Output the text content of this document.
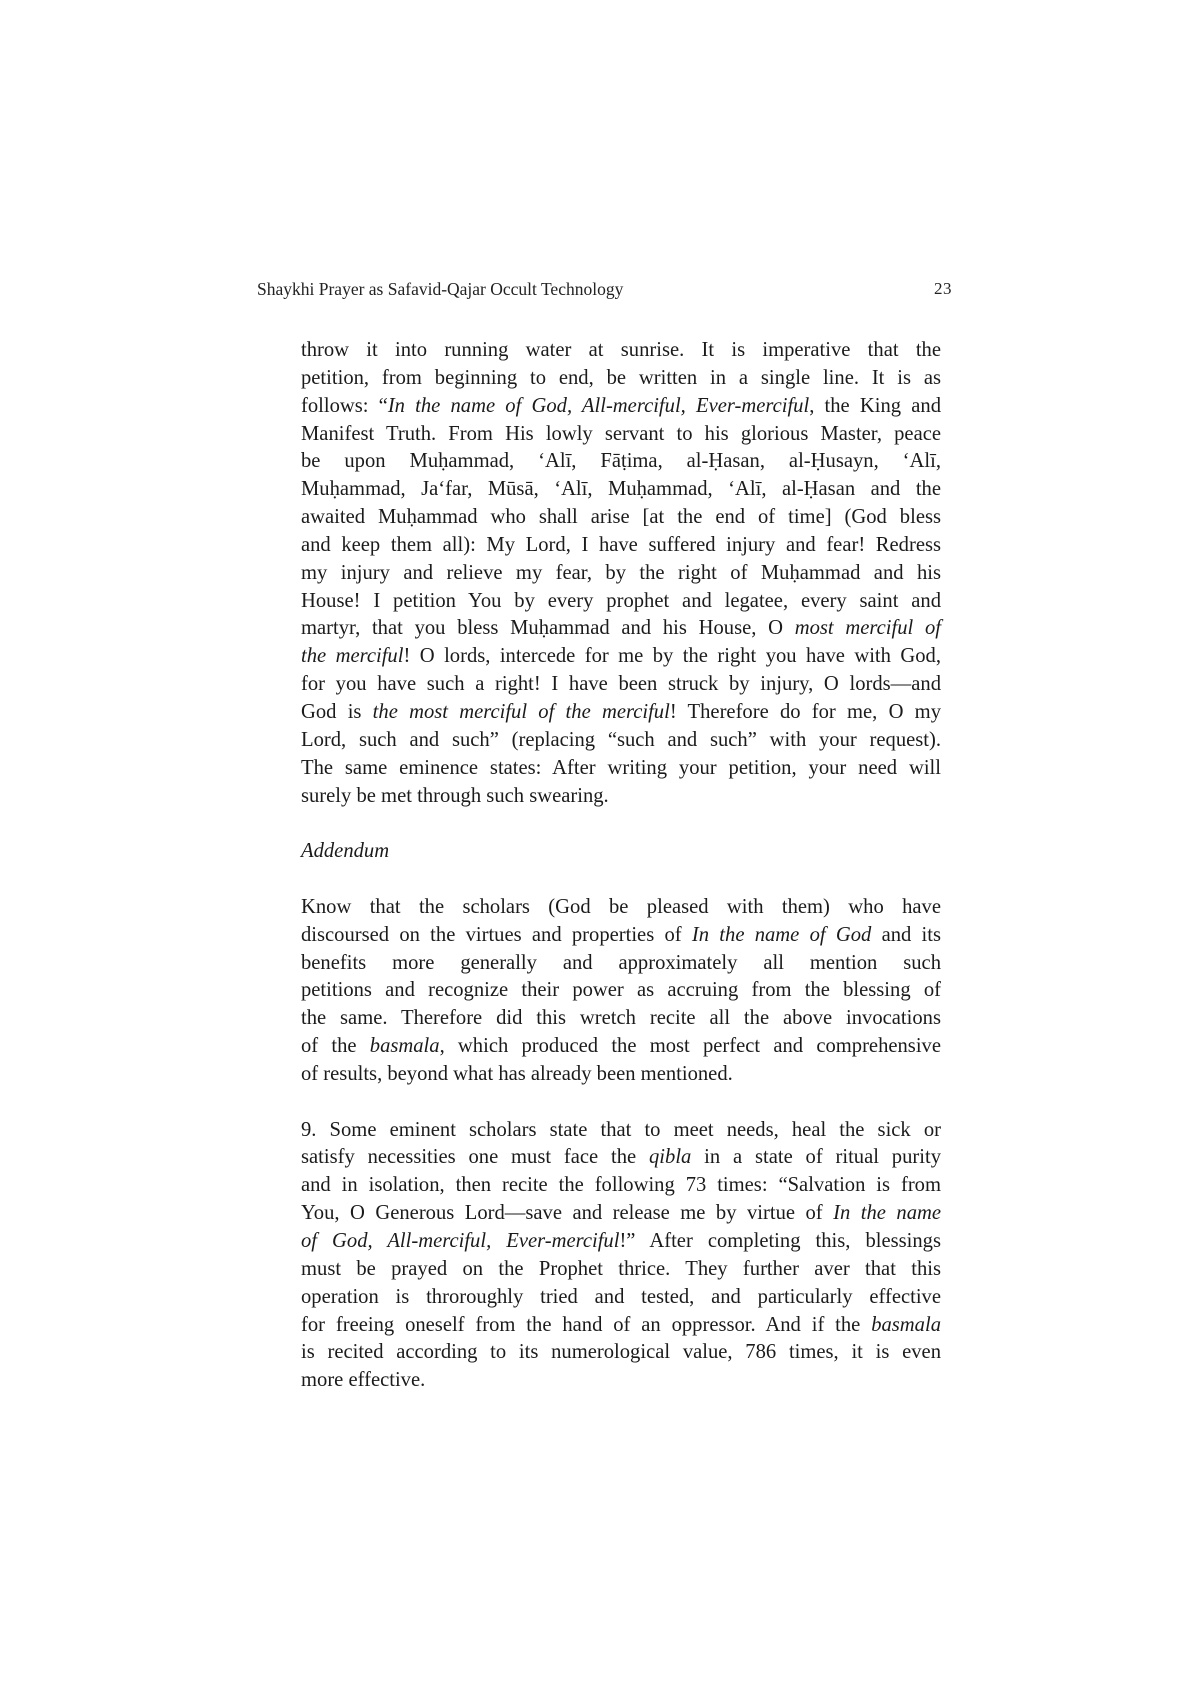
Shaykhi Prayer as Safavid-Qajar Occult Technology	23

throw it into running water at sunrise. It is imperative that the
petition, from beginning to end, be written in a single line. It is as
follows: “In the name of God, All-merciful, Ever-merciful, the King and
Manifest Truth. From His lowly servant to his glorious Master, peace
be upon Muḥammad, ‘Alī, Fāṭima, al-Ḥasan, al-Ḥusayn, ‘Alī,
Muḥammad, Ja‘far, Mūsā, ‘Alī, Muḥammad, ‘Alī, al-Ḥasan and the
awaited Muḥammad who shall arise [at the end of time] (God bless
and keep them all): My Lord, I have suffered injury and fear! Redress
my injury and relieve my fear, by the right of Muḥammad and his
House! I petition You by every prophet and legatee, every saint and
martyr, that you bless Muḥammad and his House, O most merciful of
the merciful! O lords, intercede for me by the right you have with God,
for you have such a right! I have been struck by injury, O lords—and
God is the most merciful of the merciful! Therefore do for me, O my
Lord, such and such” (replacing “such and such” with your request).
The same eminence states: After writing your petition, your need will
surely be met through such swearing.

Addendum

Know that the scholars (God be pleased with them) who have
discoursed on the virtues and properties of In the name of God and its
benefits more generally and approximately all mention such
petitions and recognize their power as accruing from the blessing of
the same. Therefore did this wretch recite all the above invocations
of the basmala, which produced the most perfect and comprehensive
of results, beyond what has already been mentioned.

9. Some eminent scholars state that to meet needs, heal the sick or
satisfy necessities one must face the qibla in a state of ritual purity
and in isolation, then recite the following 73 times: “Salvation is from
You, O Generous Lord—save and release me by virtue of In the name
of God, All-merciful, Ever-merciful!” After completing this, blessings
must be prayed on the Prophet thrice. They further aver that this
operation is throroughly tried and tested, and particularly effective
for freeing oneself from the hand of an oppressor. And if the basmala
is recited according to its numerological value, 786 times, it is even
more effective.
